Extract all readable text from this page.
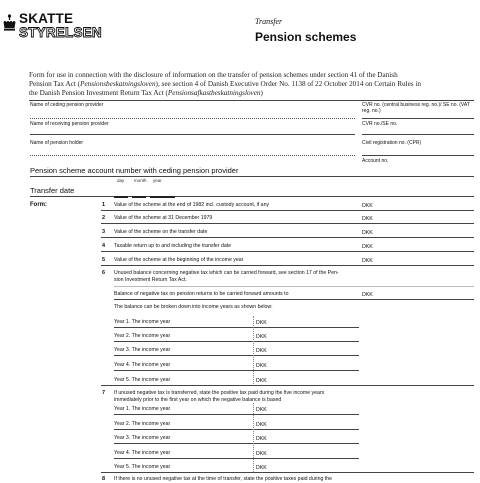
SKATTE
STYRELSEN
Transfer
Pension schemes
Form for use in connection with the disclosure of information on the transfer of pension schemes under section 41 of the Danish
Pension Tax Act (Pensionsbeskatningsloven), see section 4 of Danish Executive Order No. 1138 of 22 October 2014 on Certain Rules in
the Danish Pension Investment Return Tax Act (Pensionsafkastbeskatningsloven)
Name of ceding pension provider	CVR no. (central business reg. no.)/ SE no. (VAT reg. no.)
Name of receiving pension provider	CVR no./SE no.
Name of pension holder	Civil registration no. (CPR)
Account no.
Pension scheme account number with ceding pension provider
day month year
Transfer date
Form:	1 Value of the scheme at the end of 1982 incl. custody account, if any	DKK
2 Value of the scheme at 31 December 1979	DKK
3 Value of the scheme on the transfer date	DKK
4 Taxable return up to and including the transfer date	DKK
5 Value of the scheme at the beginning of the income year	DKK
6 Unused balance concerning negative tax which can be carried forward, see section 17 of the Pen-
sion Investment Return Tax Act.
Balance of negative tax on pension returns to be carried forward amounts to	DKK
The balance can be broken down into income years as shown below:
Year 1. The income year	DKK
Year 2. The income year	DKK
Year 3. The income year	DKK
Year 4. The income year	DKK
Year 5. The income year	DKK
7 If unused negative tax is transferred, state the positive tax paid during the five income years
immediately prior to the first year on which the negative balance is based
Year 1. The income year	DKK
Year 2. The income year	DKK
Year 3. The income year	DKK
Year 4. The income year	DKK
Year 5. The income year	DKK
8 If there is no unused negative tax at the time of transfer, state the positive taxes paid during the
